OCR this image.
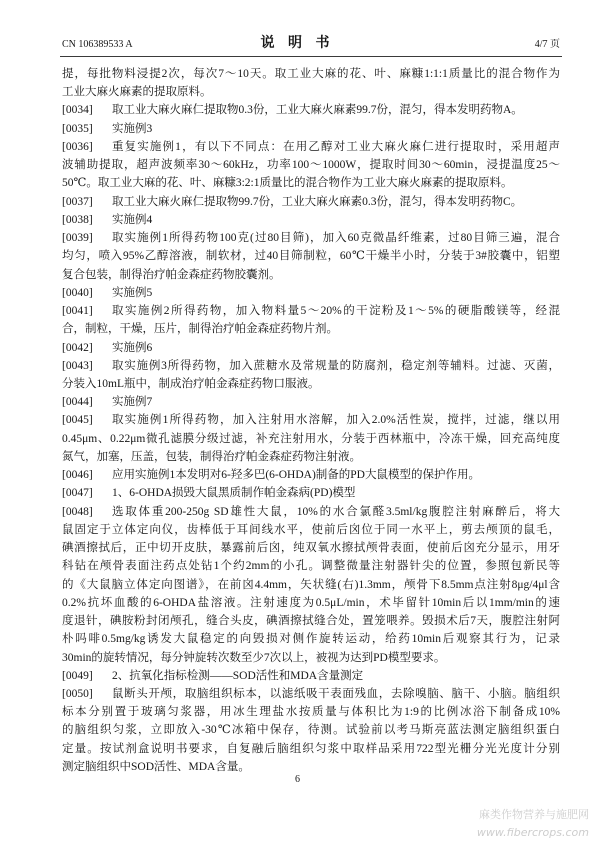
CN 106389533 A	说 明 书	4/7 页
提，每批物料浸提2次，每次7～10天。取工业大麻的花、叶、麻糠1:1:1质量比的混合物作为
工业大麻火麻素的提取原料。
[0034]	取工业大麻火麻仁提取物0.3份，工业大麻火麻素99.7份，混匀，得本发明药物A。
[0035]	实施例3
[0036]	重复实施例1，有以下不同点：在用乙醇对工业大麻火麻仁进行提取时，采用超声
波辅助提取，超声波频率30～60kHz，功率100～1000W，提取时间30～60min，浸提温度25～
50℃。取工业大麻的花、叶、麻糠3:2:1质量比的混合物作为工业大麻火麻素的提取原料。
[0037]	取工业大麻火麻仁提取物99.7份，工业大麻火麻素0.3份，混匀，得本发明药物C。
[0038]	实施例4
[0039]	取实施例1所得药物100克(过80目筛)，加入60克微晶纤维素，过80目筛三遍，混合
均匀，喷入95%乙醇溶液，制软材，过40目筛制粒，60℃干燥半小时，分装于3#胶囊中，铝塑
复合包装，制得治疗帕金森症药物胶囊剂。
[0040]	实施例5
[0041]	取实施例2所得药物，加入物料量5～20%的干淀粉及1～5%的硬脂酸镁等，经混
合，制粒，干燥，压片，制得治疗帕金森症药物片剂。
[0042]	实施例6
[0043]	取实施例3所得药物，加入蔗糖水及常规量的防腐剂，稳定剂等辅料。过滤、灭菌，
分装入10mL瓶中，制成治疗帕金森症药物口服液。
[0044]	实施例7
[0045]	取实施例1所得药物，加入注射用水溶解，加入2.0%活性炭，搅拌，过滤，继以用
0.45μm、0.22μm微孔滤膜分级过滤，补充注射用水，分装于西林瓶中，冷冻干燥，回充高纯度
氮气，加塞，压盖，包装，制得治疗帕金森症药物注射液。
[0046]	应用实施例1本发明对6-羟多巴(6-OHDA)制备的PD大鼠模型的保护作用。
[0047]	1、6-OHDA损毁大鼠黑质制作帕金森病(PD)模型
[0048]	选取体重200-250g SD雄性大鼠，10%的水合氯醛3.5ml/kg腹腔注射麻醉后，将大
鼠固定于立体定向仪，齿棒低于耳间线水平，使前后囟位于同一水平上，剪去颅顶的鼠毛，
碘酒擦拭后，正中切开皮肤，暴露前后囟，纯双氧水擦拭颅骨表面，使前后囟充分显示，用牙
科钻在颅骨表面注药点处钻1个约2mm的小孔。调整微量注射器针尖的位置，参照包新民等
的《大鼠脑立体定向图谱》，在前囟4.4mm，矢状缝(右)1.3mm，颅骨下8.5mm点注射8μg/4μl含
0.2%抗坏血酸的6-OHDA盐溶液。注射速度为0.5μL/min，术毕留针10min后以1mm/min的速
度退针，碘胺粉封闭颅孔，缝合头皮，碘酒擦拭缝合处，置笼喂养。毁损术后7天，腹腔注射阿
朴吗啡0.5mg/kg诱发大鼠稳定的向毁损对侧作旋转运动，给药10min后观察其行为，记录
30min的旋转情况，每分钟旋转次数至少7次以上，被视为达到PD模型要求。
[0049]	2、抗氧化指标检测——SOD活性和MDA含量测定
[0050]	鼠断头开颅，取脑组织标本，以滤纸吸干表面残血，去除嗅脑、脑干、小脑。脑组织
标本分别置于玻璃匀浆器，用冰生理盐水按质量与体积比为1:9的比例冰浴下制备成10%
的脑组织匀浆，立即放入-30℃冰箱中保存，待测。试验前以考马斯亮蓝法测定脑组织蛋白
定量。按试剂盒说明书要求，自复融后脑组织匀浆中取样品采用722型光栅分光光度计分别
测定脑组织中SOD活性、MDA含量。
6
麻类作物营养与施肥网
www.fibercrops.com
